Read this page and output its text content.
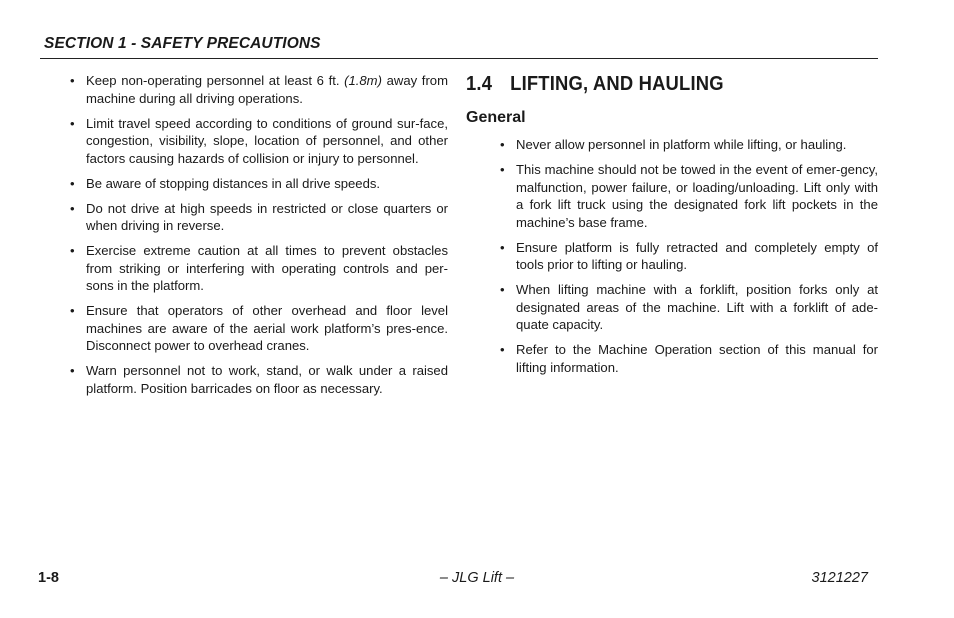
SECTION 1 - SAFETY PRECAUTIONS
• Keep non-operating personnel at least 6 ft. (1.8m) away from machine during all driving operations.
• Limit travel speed according to conditions of ground sur-face, congestion, visibility, slope, location of personnel, and other factors causing hazards of collision or injury to personnel.
• Be aware of stopping distances in all drive speeds.
• Do not drive at high speeds in restricted or close quarters or when driving in reverse.
• Exercise extreme caution at all times to prevent obstacles from striking or interfering with operating controls and per-sons in the platform.
• Ensure that operators of other overhead and floor level machines are aware of the aerial work platform’s pres-ence. Disconnect power to overhead cranes.
• Warn personnel not to work, stand, or walk under a raised platform. Position barricades on floor as necessary.
1.4 LIFTING, AND HAULING
General
• Never allow personnel in platform while lifting, or hauling.
• This machine should not be towed in the event of emer-gency, malfunction, power failure, or loading/unloading. Lift only with a fork lift truck using the designated fork lift pockets in the machine’s base frame.
• Ensure platform is fully retracted and completely empty of tools prior to lifting or hauling.
• When lifting machine with a forklift, position forks only at designated areas of the machine. Lift with a forklift of ade-quate capacity.
• Refer to the Machine Operation section of this manual for lifting information.
1-8	– JLG Lift –	3121227
